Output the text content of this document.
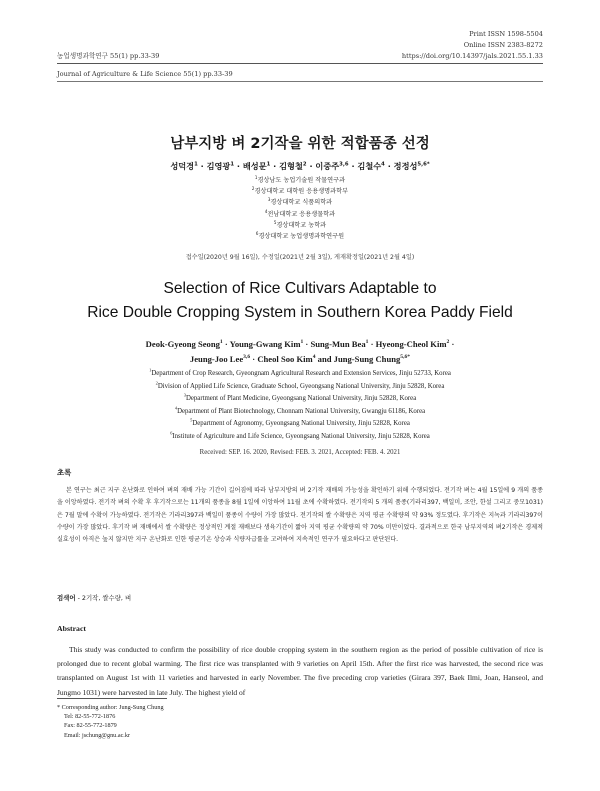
Print ISSN 1598-5504
Online ISSN 2383-8272
농업생명과학연구 55(1) pp.33-39	https://doi.org/10.14397/jals.2021.55.1.33
Journal of Agriculture & Life Science 55(1) pp.33-39
남부지방 벼 2기작을 위한 적합품종 선정
성덕경$^1$ · 김영광$^1$ · 배성문$^1$ · 김형철$^2$ · 이중주$^{3,6}$ · 김철수$^4$ · 정정성$^{5,6*}$
$^1$경상남도 농업기술원 작물연구과
$^2$경상대학교 대학원 응용생명과학부
$^3$경상대학교 식품의학과
$^4$전남대학교 응용생물학과
$^5$경상대학교 농학과
$^6$경상대학교 농업생명과학연구원
접수일(2020년 9월 16일), 수정일(2021년 2월 3일), 게재확정일(2021년 2월 4일)
Selection of Rice Cultivars Adaptable to
Rice Double Cropping System in Southern Korea Paddy Field
Deok-Gyeong Seong$^1$ · Young-Gwang Kim$^1$ · Sung-Mun Bea$^1$ · Hyeong-Cheol Kim$^2$ ·
Jeung-Joo Lee$^{3,6}$ · Cheol Soo Kim$^4$ and Jung-Sung Chung$^{5,6*}$
$^1$Department of Crop Research, Gyeongnam Agricultural Research and Extension Services, Jinju 52733, Korea
$^2$Division of Applied Life Science, Graduate School, Gyeongsang National University, Jinju 52828, Korea
$^3$Department of Plant Medicine, Gyeongsang National University, Jinju 52828, Korea
$^4$Department of Plant Biotechnology, Chonnam National University, Gwangju 61186, Korea
$^5$Department of Agronomy, Gyeongsang National University, Jinju 52828, Korea
$^6$Institute of Agriculture and Life Science, Gyeongsang National University, Jinju 52828, Korea
Received: SEP. 16. 2020, Revised: FEB. 3. 2021, Accepted: FEB. 4. 2021
초록
본 연구는 최근 지구 온난화로 인하여 벼의 재배 가능 기간이 길어짐에 따라 남부지방의 벼 2기작 재배의 가능성을 확인하기 위해 수행되었다. 전기작 벼는 4월 15일에 9 개의 품종을 이앙하였다. 전기작 벼의 수확 후 후기작으로는 11개의 품종을 8월 1일에 이앙하여 11월 초에 수확하였다. 전기작의 5 개의 품종(기라리397, 백일미, 조안, 한설 그리고 중모1031)은 7월 말에 수확이 가능하였다. 전기작은 기라리397과 백일미 품종이 수량이 가장 많았다. 전기작의 쌀 수확량은 지역 평균 수확량의 약 93% 정도였다. 후기작은 지녹과 기라리397이 수량이 가장 많았다. 후기작 벼 재배에서 쌀 수확량은 정상적인 계절 재배보다 생육기간이 짧아 지역 평균 수확량의 약 70% 미만이었다. 결과적으로 한국 남부지역의 벼2기작은 경제적 실효성이 아직은 높지 않지만 지구 온난화로 인한 평균기온 상승과 식량자급률을 고려하여 지속적인 연구가 필요하다고 판단된다.
검색어 - 2기작, 쌀수량, 벼
Abstract
This study was conducted to confirm the possibility of rice double cropping system in the southern region as the period of possible cultivation of rice is prolonged due to recent global warming. The first rice was transplanted with 9 varieties on April 15th. After the first rice was harvested, the second rice was transplanted on August 1st with 11 varieties and harvested in early November. The five preceding crop varieties (Girara 397, Baek Ilmi, Joan, Hanseol, and Jungmo 1031) were harvested in late July. The highest yield of
* Corresponding author: Jung-Sung Chung
Tel: 82-55-772-1876
Fax: 82-55-772-1879
Email: jschung@gnu.ac.kr
